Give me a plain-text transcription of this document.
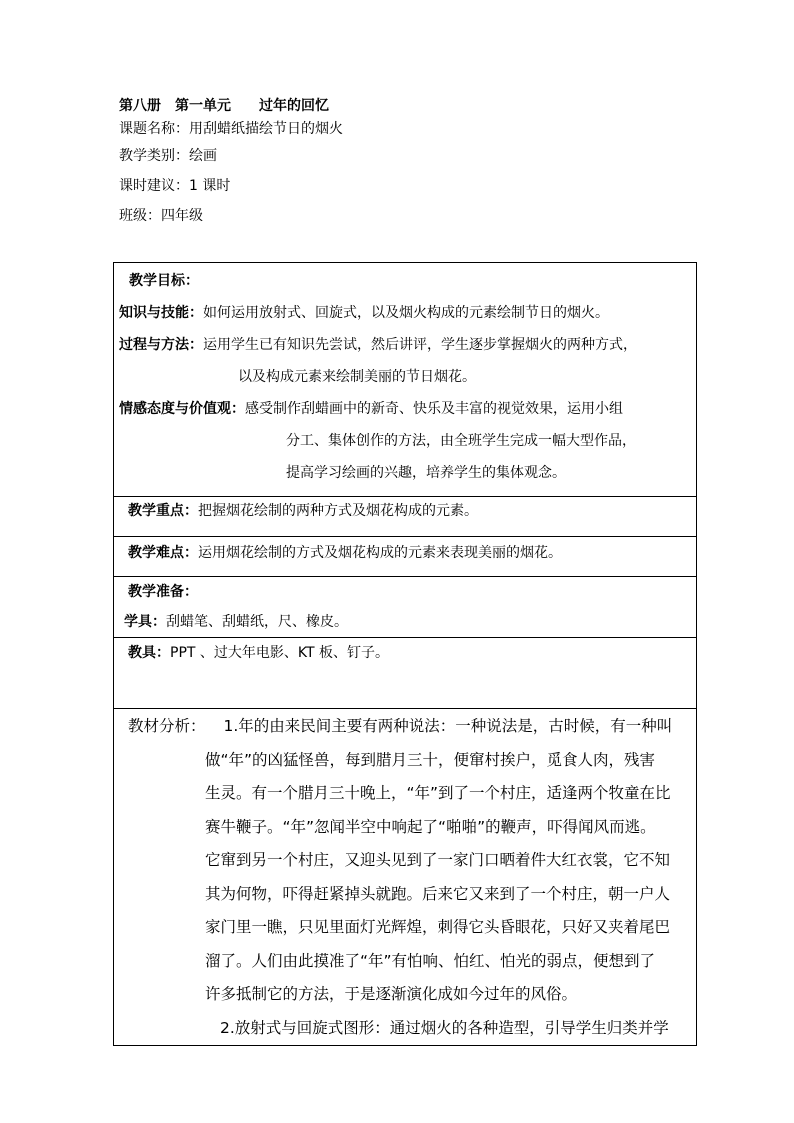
第八册 第一单元 过年的回忆
课题名称：用刮蜡纸描绘节日的烟火
教学类别：绘画
课时建议：1 课时
班级：四年级
教学目标：
知识与技能：如何运用放射式、回旋式，以及烟火构成的元素绘制节日的烟火。
过程与方法：运用学生已有知识先尝试，然后讲评，学生逐步掌握烟火的两种方式，
以及构成元素来绘制美丽的节日烟花。
情感态度与价值观：感受制作刮蜡画中的新奇、快乐及丰富的视觉效果，运用小组
分工、集体创作的方法，由全班学生完成一幅大型作品，
提高学习绘画的兴趣，培养学生的集体观念。

教学重点：把握烟花绘制的两种方式及烟花构成的元素。

教学难点：运用烟花绘制的方式及烟花构成的元素来表现美丽的烟花。

教学准备：
学具：刮蜡笔、刮蜡纸，尺、橡皮。

教具：PPT 、过大年电影、KT 板、钉子。

教材分析： 1.年的由来民间主要有两种说法：一种说法是，古时候，有一种叫
做“年”的凶猛怪兽，每到腊月三十，便窜村挨户，觅食人肉，残害
生灵。有一个腊月三十晚上，“年”到了一个村庄，适逢两个牧童在比
赛牛鞭子。“年”忽闻半空中响起了“啪啪”的鞭声，吓得闻风而逃。
它窜到另一个村庄，又迎头见到了一家门口晒着件大红衣裳，它不知
其为何物，吓得赶紧掉头就跑。后来它又来到了一个村庄，朝一户人
家门里一瞧，只见里面灯光辉煌，刺得它头昏眼花，只好又夹着尾巴
溜了。人们由此摸准了“年”有怕响、怕红、怕光的弱点，便想到了
许多抵制它的方法，于是逐渐演化成如今过年的风俗。
2.放射式与回旋式图形：通过烟火的各种造型，引导学生归类并学
